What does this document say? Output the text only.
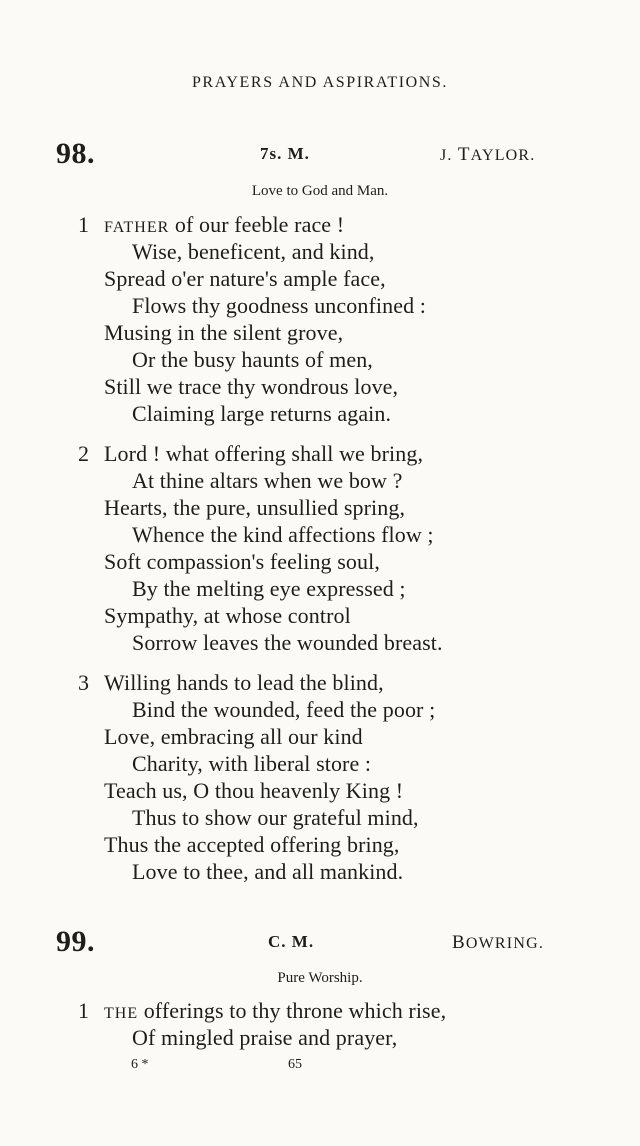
PRAYERS AND ASPIRATIONS.
98.	7s. M.	J. TAYLOR.
Love to God and Man.
1 FATHER of our feeble race !
Wise, beneficent, and kind,
Spread o'er nature's ample face,
Flows thy goodness unconfined :
Musing in the silent grove,
Or the busy haunts of men,
Still we trace thy wondrous love,
Claiming large returns again.
2 Lord ! what offering shall we bring,
At thine altars when we bow ?
Hearts, the pure, unsullied spring,
Whence the kind affections flow ;
Soft compassion's feeling soul,
By the melting eye expressed ;
Sympathy, at whose control
Sorrow leaves the wounded breast.
3 Willing hands to lead the blind,
Bind the wounded, feed the poor ;
Love, embracing all our kind
Charity, with liberal store :
Teach us, O thou heavenly King !
Thus to show our grateful mind,
Thus the accepted offering bring,
Love to thee, and all mankind.
99.	C. M.	BOWRING.
Pure Worship.
1 THE offerings to thy throne which rise,
Of mingled praise and prayer,
6 *	65
